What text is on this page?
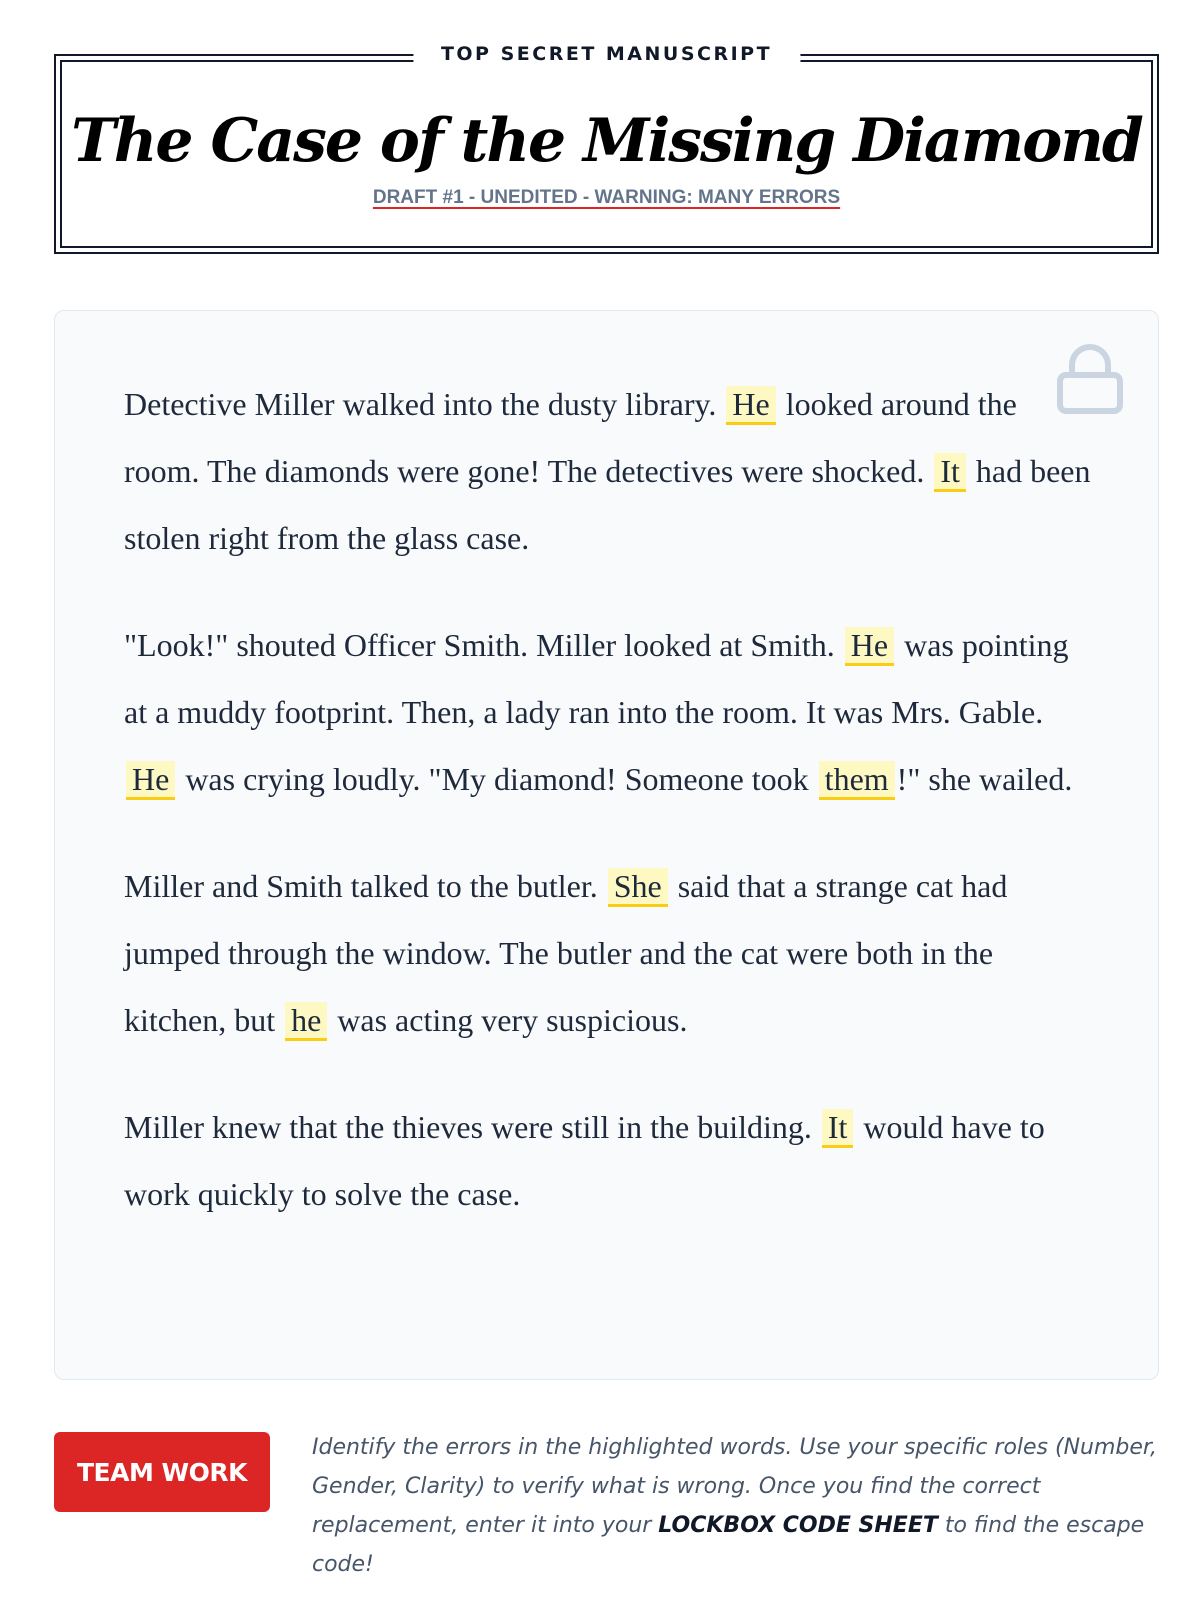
TOP SECRET MANUSCRIPT
The Case of the Missing Diamond
DRAFT #1 - UNEDITED - WARNING: MANY ERRORS

Detective Miller walked into the dusty library. He looked around the room. The diamonds were gone! The detectives were shocked. It had been stolen right from the glass case.

"Look!" shouted Officer Smith. Miller looked at Smith. He was pointing at a muddy footprint. Then, a lady ran into the room. It was Mrs. Gable. He was crying loudly. "My diamond! Someone took them !" she wailed.

Miller and Smith talked to the butler. She said that a strange cat had jumped through the window. The butler and the cat were both in the kitchen, but he was acting very suspicious.

Miller knew that the thieves were still in the building. It would have to work quickly to solve the case.

TEAM WORK
Identify the errors in the highlighted words. Use your specific roles (Number, Gender, Clarity) to verify what is wrong. Once you find the correct replacement, enter it into your LOCKBOX CODE SHEET to find the escape code!
